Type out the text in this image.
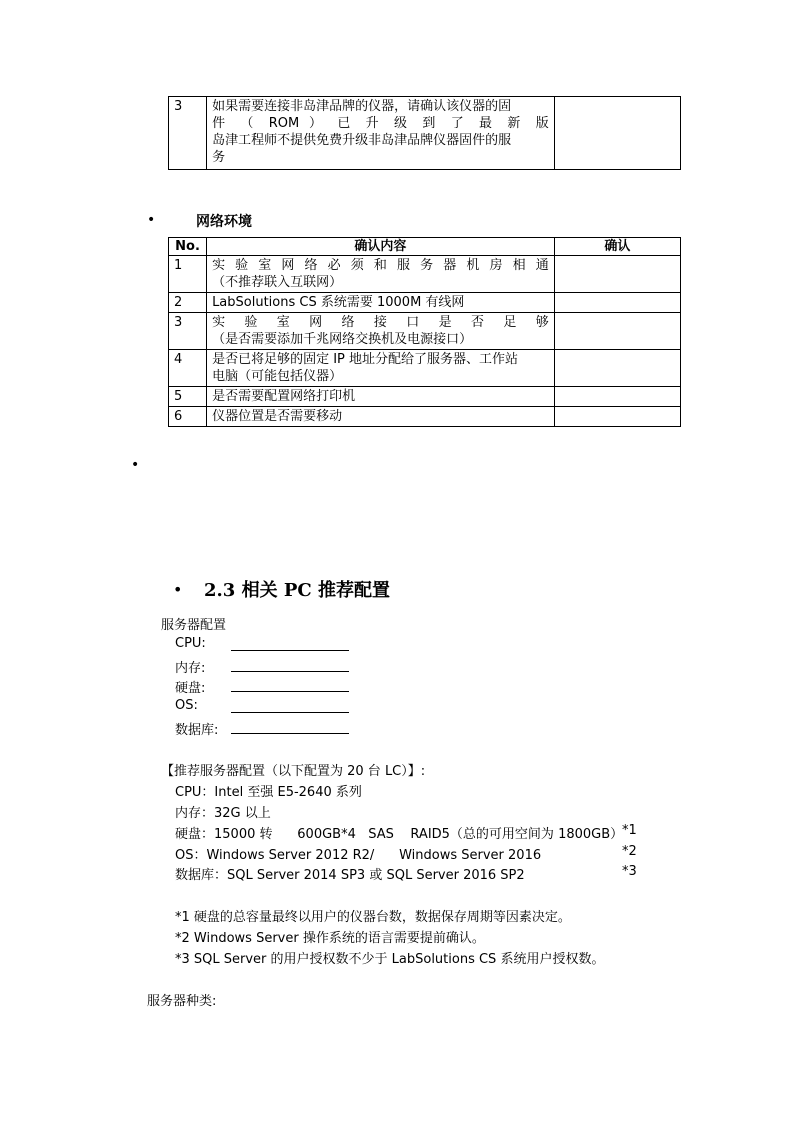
3	如果需要连接非岛津品牌的仪器，请确认该仪器的固
件 （ ROM ） 已 升 级 到 了 最 新 版
岛津工程师不提供免费升级非岛津品牌仪器固件的服
务

•	网络环境
No.	确认内容	确认
1	实 验 室 网 络 必 须 和 服 务 器 机 房 相 通
（不推荐联入互联网）	

2	LabSolutions CS 系统需要 1000M 有线网	
3	实 验 室 网 络 接 口 是 否 足 够
（是否需要添加千兆网络交换机及电源接口）	

4	是否已将足够的固定 IP 地址分配给了服务器、工作站
电脑（可能包括仪器）	

5	是否需要配置网络打印机	
6	仪器位置是否需要移动	
•
• 2.3 相关 PC 推荐配置
服务器配置
CPU:
内存:
硬盘:
OS:
数据库:
【推荐服务器配置（以下配置为 20 台 LC）】:
CPU：Intel 至强 E5-2640 系列
内存：32G 以上
硬盘：15000 转      600GB*4   SAS    RAID5（总的可用空间为 1800GB）
*1
OS：Windows Server 2012 R2/      Windows Server 2016	*2
数据库：SQL Server 2014 SP3 或 SQL Server 2016 SP2	*3
*1 硬盘的总容量最终以用户的仪器台数，数据保存周期等因素决定。
*2 Windows Server 操作系统的语言需要提前确认。
*3 SQL Server 的用户授权数不少于 LabSolutions CS 系统用户授权数。
服务器种类:
